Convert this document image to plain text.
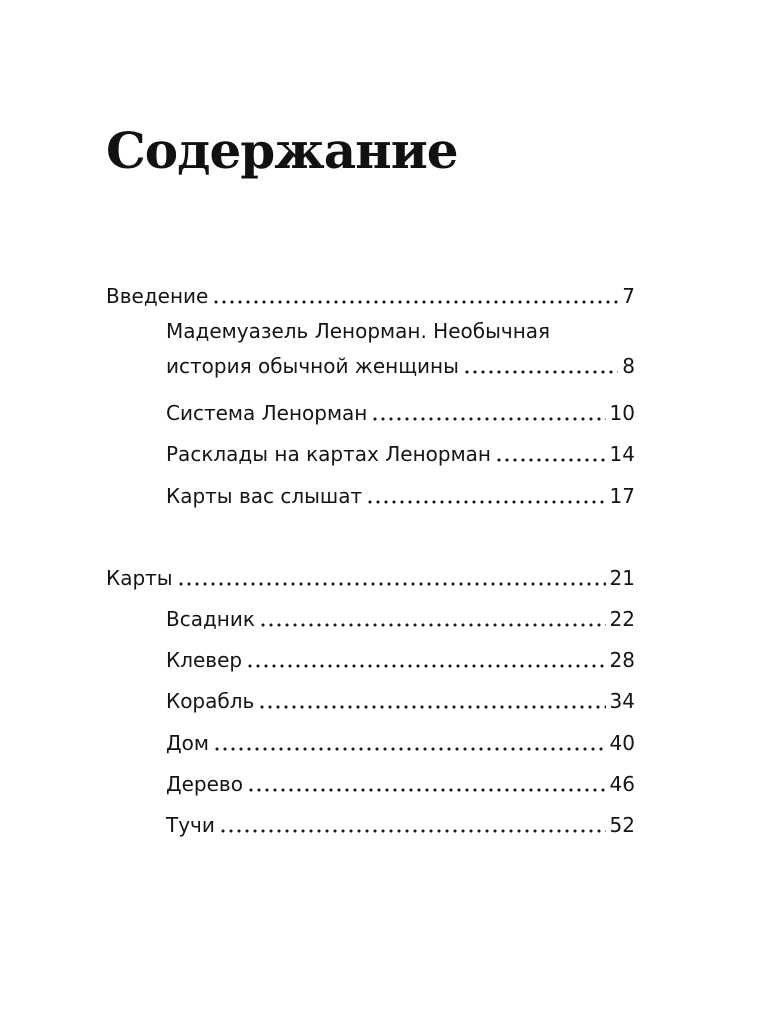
Содержание
Введение	7
Мадемуазель Ленорман. Необычная
история обычной женщины	8
Система Ленорман	10
Расклады на картах Ленорман	14
Карты вас слышат	17
Карты	21
Всадник	22
Клевер	28
Корабль	34
Дом	40
Дерево	46
Тучи	52
